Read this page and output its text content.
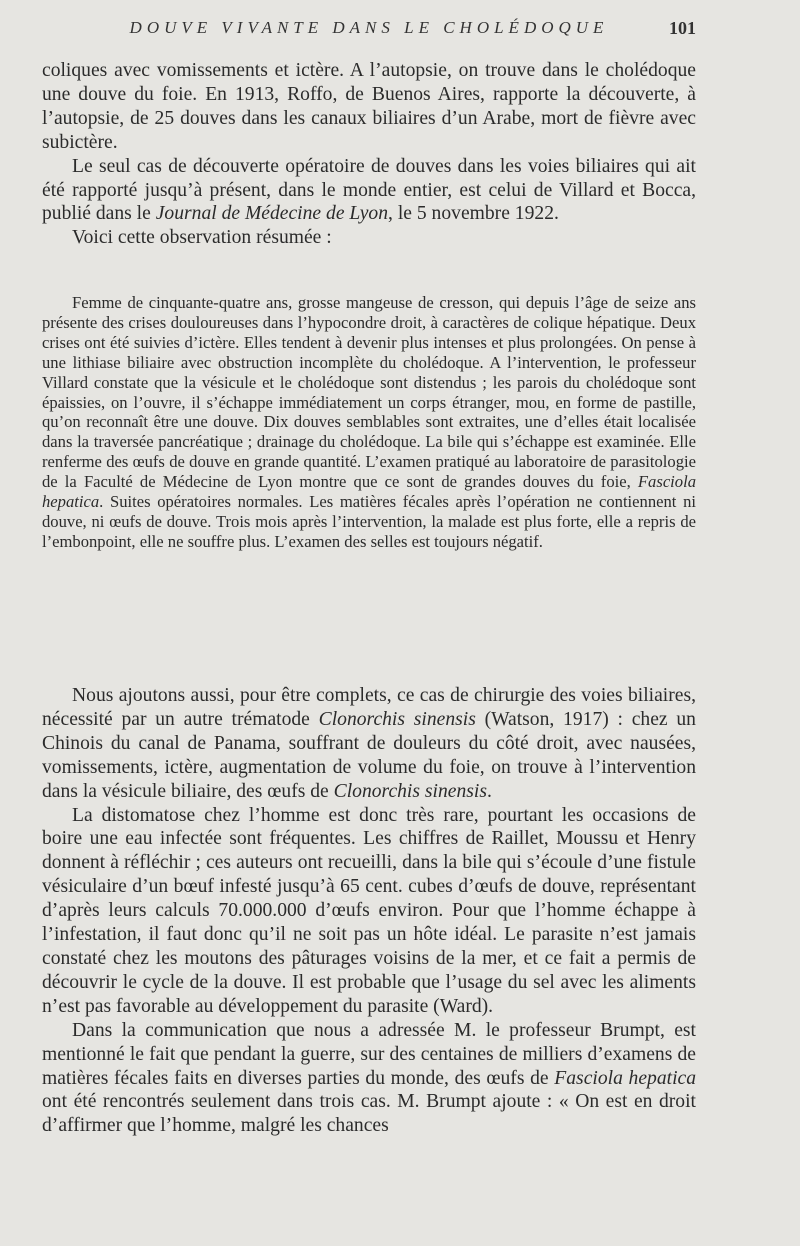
DOUVE VIVANTE DANS LE CHOLÉDOQUE	101

coliques avec vomissements et ictère. A l’autopsie, on trouve dans le cholédoque une douve du foie. En 1913, Roffo, de Buenos Aires, rapporte la découverte, à l’autopsie, de 25 douves dans les canaux biliaires d’un Arabe, mort de fièvre avec subictère.

Le seul cas de découverte opératoire de douves dans les voies biliaires qui ait été rapporté jusqu’à présent, dans le monde entier, est celui de Villard et Bocca, publié dans le Journal de Médecine de Lyon, le 5 novembre 1922.

Voici cette observation résumée :

Femme de cinquante-quatre ans, grosse mangeuse de cresson, qui depuis l’âge de seize ans présente des crises douloureuses dans l’hypocondre droit, à caractères de colique hépatique. Deux crises ont été suivies d’ictère. Elles tendent à devenir plus intenses et plus prolongées. On pense à une lithiase biliaire avec obstruction incomplète du cholédoque. A l’intervention, le professeur Villard constate que la vésicule et le cholédoque sont distendus ; les parois du cholédoque sont épaissies, on l’ouvre, il s’échappe immédiatement un corps étranger, mou, en forme de pastille, qu’on reconnaît être une douve. Dix douves semblables sont extraites, une d’elles était localisée dans la traversée pancréatique ; drainage du cholédoque. La bile qui s’échappe est examinée. Elle renferme des œufs de douve en grande quantité. L’examen pratiqué au laboratoire de parasitologie de la Faculté de Médecine de Lyon montre que ce sont de grandes douves du foie, Fasciola hepatica. Suites opératoires normales. Les matières fécales après l’opération ne contiennent ni douve, ni œufs de douve. Trois mois après l’intervention, la malade est plus forte, elle a repris de l’embonpoint, elle ne souffre plus. L’examen des selles est toujours négatif.

Nous ajoutons aussi, pour être complets, ce cas de chirurgie des voies biliaires, nécessité par un autre trématode Clonorchis sinensis (Watson, 1917) : chez un Chinois du canal de Panama, souffrant de douleurs du côté droit, avec nausées, vomissements, ictère, augmentation de volume du foie, on trouve à l’intervention dans la vésicule biliaire, des œufs de Clonorchis sinensis.

La distomatose chez l’homme est donc très rare, pourtant les occasions de boire une eau infectée sont fréquentes. Les chiffres de Raillet, Moussu et Henry donnent à réfléchir ; ces auteurs ont recueilli, dans la bile qui s’écoule d’une fistule vésiculaire d’un bœuf infesté jusqu’à 65 cent. cubes d’œufs de douve, représentant d’après leurs calculs 70.000.000 d’œufs environ. Pour que l’homme échappe à l’infestation, il faut donc qu’il ne soit pas un hôte idéal. Le parasite n’est jamais constaté chez les moutons des pâturages voisins de la mer, et ce fait a permis de découvrir le cycle de la douve. Il est probable que l’usage du sel avec les aliments n’est pas favorable au développement du parasite (Ward).

Dans la communication que nous a adressée M. le professeur Brumpt, est mentionné le fait que pendant la guerre, sur des centaines de milliers d’examens de matières fécales faits en diverses parties du monde, des œufs de Fasciola hepatica ont été rencontrés seulement dans trois cas. M. Brumpt ajoute : « On est en droit d’affirmer que l’homme, malgré les chances
